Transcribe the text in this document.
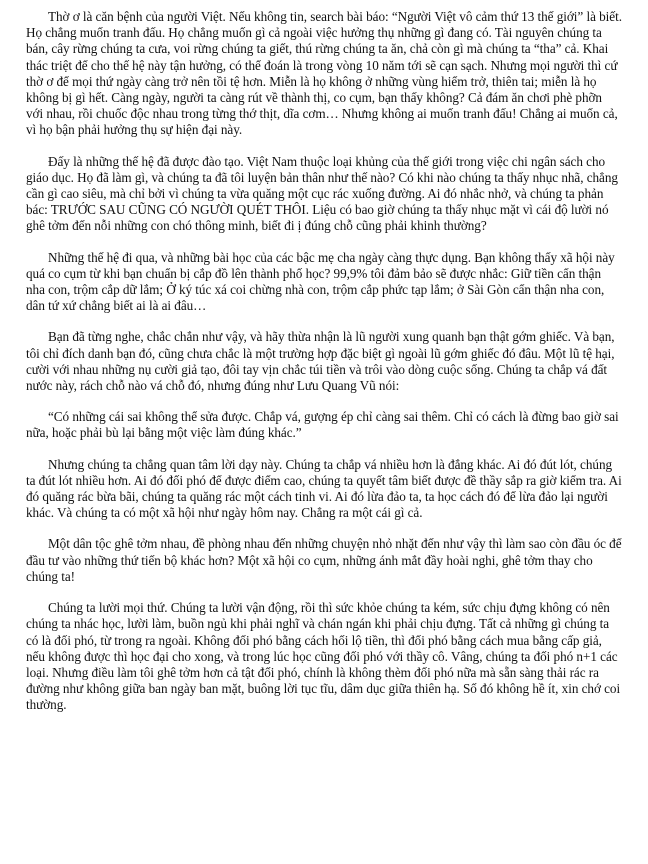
Thờ ơ là căn bệnh của người Việt. Nếu không tin, search bài báo: “Người Việt vô cảm thứ 13 thế giới” là biết. Họ chẳng muốn tranh đấu. Họ chẳng muốn gì cả ngoài việc hưởng thụ những gì đang có. Tài nguyên chúng ta bán, cây rừng chúng ta cưa, voi rừng chúng ta giết, thú rừng chúng ta ăn, chả còn gì mà chúng ta “tha” cả. Khai thác triệt để cho thế hệ này tận hưởng, có thể đoán là trong vòng 10 năm tới sẽ cạn sạch. Nhưng mọi người thì cứ thờ ơ để mọi thứ ngày càng trở nên tồi tệ hơn. Miễn là họ không ở những vùng hiểm trở, thiên tai; miễn là họ không bị gì hết. Càng ngày, người ta càng rút về thành thị, co cụm, bạn thấy không? Cả đám ăn chơi phè phỡn với nhau, rồi chuốc độc nhau trong từng thớ thịt, dĩa cơm… Nhưng không ai muốn tranh đấu! Chẳng ai muốn cả, vì họ bận phải hưởng thụ sự hiện đại này.

Đấy là những thế hệ đã được đào tạo. Việt Nam thuộc loại khủng của thế giới trong việc chi ngân sách cho giáo dục. Họ đã làm gì, và chúng ta đã tôi luyện bản thân như thế nào? Có khi nào chúng ta thấy nhục nhã, chẳng cần gì cao siêu, mà chỉ bởi vì chúng ta vừa quăng một cục rác xuống đường. Ai đó nhắc nhở, và chúng ta phản bác: TRƯỚC SAU CŨNG CÓ NGƯỜI QUÉT THÔI. Liệu có bao giờ chúng ta thấy nhục mặt vì cái độ lười nó ghê tởm đến nỗi những con chó thông minh, biết đi ị đúng chỗ cũng phải khinh thường?

Những thế hệ đi qua, và những bài học của các bậc mẹ cha ngày càng thực dụng. Bạn không thấy xã hội này quá co cụm từ khi bạn chuẩn bị cắp đồ lên thành phố học? 99,9% tôi đảm bảo sẽ được nhắc: Giữ tiền cẩn thận nha con, trộm cắp dữ lắm; Ở ký túc xá coi chừng nhà con, trộm cắp phức tạp lắm; ở Sài Gòn cẩn thận nha con, dân tứ xứ chẳng biết ai là ai đâu…

Bạn đã từng nghe, chắc chắn như vậy, và hãy thừa nhận là lũ người xung quanh bạn thật gớm ghiếc. Và bạn, tôi chỉ đích danh bạn đó, cũng chưa chắc là một trường hợp đặc biệt gì ngoài lũ gớm ghiếc đó đâu. Một lũ tệ hại, cười với nhau những nụ cười giả tạo, đôi tay vịn chắc túi tiền và trôi vào dòng cuộc sống. Chúng ta chắp vá đất nước này, rách chỗ nào vá chỗ đó, nhưng đúng như Lưu Quang Vũ nói:

“Có những cái sai không thể sửa được. Chắp vá, gượng ép chỉ càng sai thêm. Chỉ có cách là đừng bao giờ sai nữa, hoặc phải bù lại bằng một việc làm đúng khác.”

Nhưng chúng ta chẳng quan tâm lời dạy này. Chúng ta chắp vá nhiều hơn là đắng khác. Ai đó đút lót, chúng ta đút lót nhiều hơn. Ai đó đối phó để được điểm cao, chúng ta quyết tâm biết được đề thầy sắp ra giờ kiểm tra. Ai đó quăng rác bừa bãi, chúng ta quăng rác một cách tinh vi. Ai đó lừa đảo ta, ta học cách đó để lừa đảo lại người khác. Và chúng ta có một xã hội như ngày hôm nay. Chẳng ra một cái gì cả.

Một dân tộc ghê tởm nhau, đề phòng nhau đến những chuyện nhỏ nhặt đến như vậy thì làm sao còn đầu óc để đầu tư vào những thứ tiến bộ khác hơn? Một xã hội co cụm, những ánh mắt đầy hoài nghi, ghê tởm thay cho chúng ta!

Chúng ta lười mọi thứ. Chúng ta lười vận động, rồi thì sức khỏe chúng ta kém, sức chịu đựng không có nên chúng ta nhác học, lười làm, buồn ngủ khi phải nghĩ và chán ngán khi phải chịu đựng. Tất cả những gì chúng ta có là đối phó, từ trong ra ngoài. Không đối phó bằng cách hối lộ tiền, thì đối phó bằng cách mua bằng cấp giả, nếu không được thì học đại cho xong, và trong lúc học cũng đối phó với thầy cô. Vâng, chúng ta đối phó n+1 các loại. Nhưng điều làm tôi ghê tởm hơn cả tật đối phó, chính là không thèm đối phó nữa mà sẵn sàng thải rác ra đường như không giữa ban ngày ban mặt, buông lời tục tĩu, dâm dục giữa thiên hạ. Số đó không hề ít, xin chớ coi thường.
